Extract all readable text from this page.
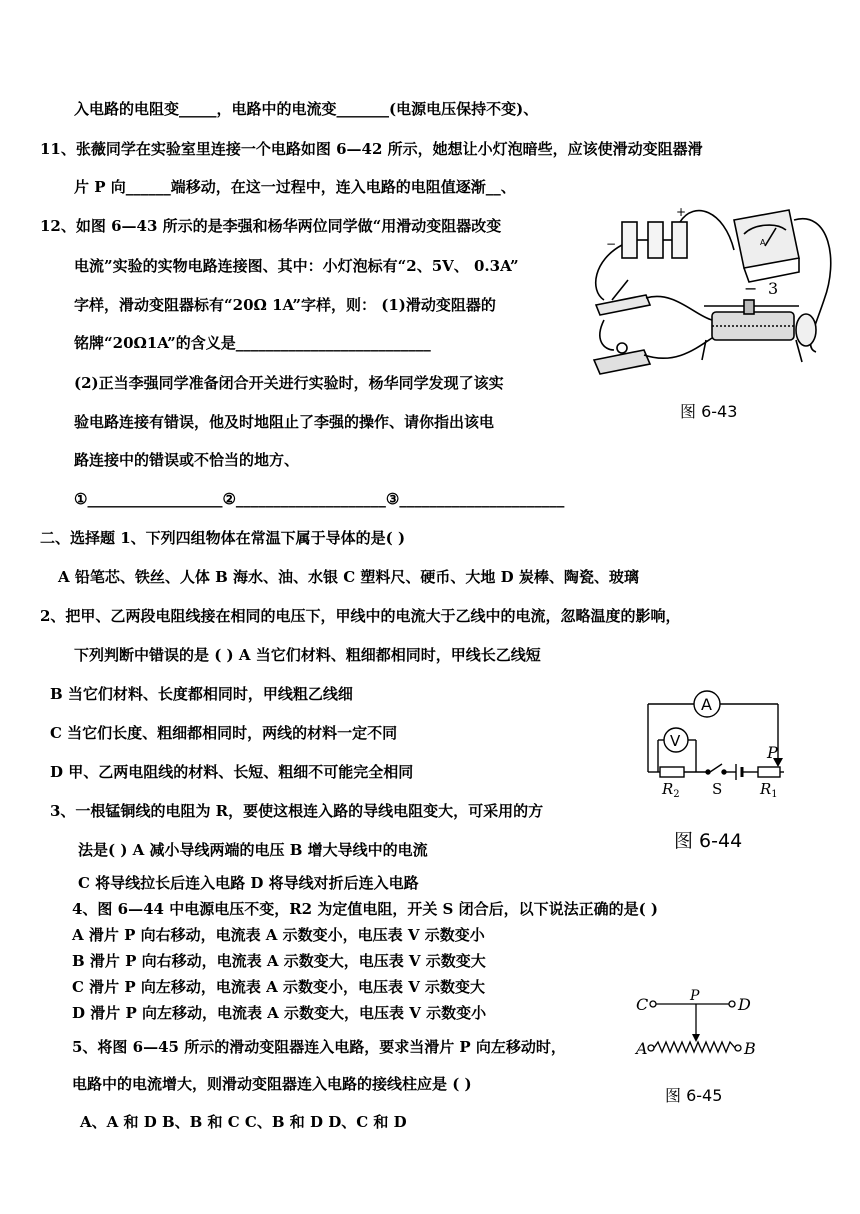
入电路的电阻变_____，电路中的电流变_______(电源电压保持不变)、
11、张薇同学在实验室里连接一个电路如图 6—42 所示，她想让小灯泡暗些，应该使滑动变阻器滑
片 P 向______端移动，在这一过程中，连入电路的电阻值逐渐__、
12、如图 6—43 所示的是李强和杨华两位同学做“用滑动变阻器改变
电流”实验的实物电路连接图、其中：小灯泡标有“2、5V、 0.3A”
字样，滑动变阻器标有“20Ω 1A”字样，则： (1)滑动变阻器的
铭牌“20Ω1A”的含义是__________________________
(2)正当李强同学准备闭合开关进行实验时，杨华同学发现了该实
验电路连接有错误，他及时地阻止了李强的操作、请你指出该电
路连接中的错误或不恰当的地方、
①__________________②____________________③______________________
二、选择题 1、下列四组物体在常温下属于导体的是( )
A 铅笔芯、铁丝、人体 B 海水、油、水银 C 塑料尺、硬币、大地 D 炭棒、陶瓷、玻璃
2、把甲、乙两段电阻线接在相同的电压下，甲线中的电流大于乙线中的电流，忽略温度的影响，
下列判断中错误的是 ( ) A 当它们材料、粗细都相同时，甲线长乙线短
B 当它们材料、长度都相同时，甲线粗乙线细
C 当它们长度、粗细都相同时，两线的材料一定不同
D 甲、乙两电阻线的材料、长短、粗细不可能完全相同
3、一根锰铜线的电阻为 R，要使这根连入路的导线电阻变大，可采用的方
法是( ) A 减小导线两端的电压 B 增大导线中的电流
C 将导线拉长后连入电路 D 将导线对折后连入电路
4、图 6—44 中电源电压不变，R2 为定值电阻，开关 S 闭合后，以下说法正确的是( )
A 滑片 P 向右移动，电流表 A 示数变小，电压表 V 示数变小
B 滑片 P 向右移动，电流表 A 示数变大，电压表 V 示数变大
C 滑片 P 向左移动，电流表 A 示数变小，电压表 V 示数变大
D 滑片 P 向左移动，电流表 A 示数变大，电压表 V 示数变小
5、将图 6—45 所示的滑动变阻器连入电路，要求当滑片 P 向左移动时，
电路中的电流增大，则滑动变阻器连入电路的接线柱应是 ( )
A、A 和 D B、B 和 C C、B 和 D D、C 和 D
+
−	A
− 3
图 6-43
A
V
P
$R_2$ S	$R_1$
图 6-44
C	P D
A	B
图 6-45
